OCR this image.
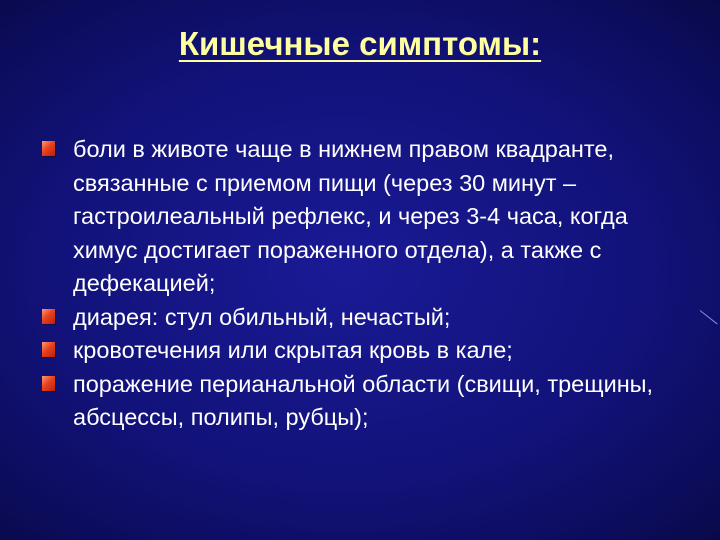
Кишечные симптомы:
боли в животе чаще в нижнем правом квадранте, связанные с приемом пищи (через 30 минут – гастроилеальный рефлекс, и через 3-4 часа, когда химус достигает пораженного отдела), а также с дефекацией;
диарея: стул обильный, нечастый;
кровотечения или скрытая кровь в кале;
поражение перианальной области (свищи, трещины, абсцессы, полипы, рубцы);
